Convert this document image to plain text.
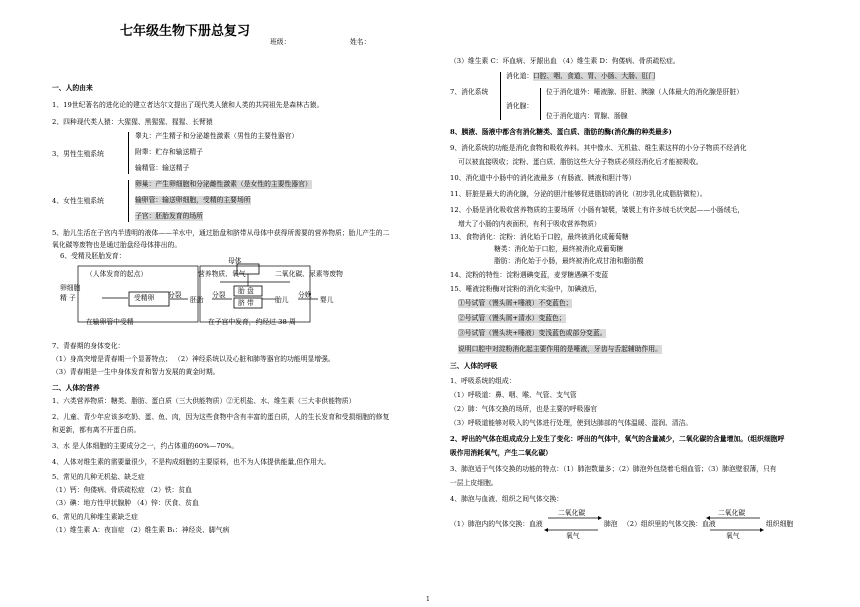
七年级生物下册总复习
班级：	姓名：
一、人的由来
1、19世纪著名的进化论的建立者达尔文提出了现代类人猿和人类的共同祖先是森林古猿。
2、四种现代类人猿：大猩猩、黑猩猩、猩猩、长臂猿
3、男性生殖系统
睾丸：产生精子和分泌雄性激素（男性的主要性器官）
附睾：贮存和输送精子
输精管：输送精子
4、女性生殖系统
卵巢：产生卵细胞和分泌雌性激素（是女性的主要性器官）
输卵管：输送卵细胞，受精的主要场所
子宫：胚胎发育的场所
5、胎儿生活在子宫内半透明的液体——羊水中，通过胎盘和脐带从母体中获得所需要的营养物质；胎儿产生的二
氧化碳等废物也是通过胎盘经母体排出的。
6、受精及胚胎发育：
母体
营养物质、氧气	二氧化碳、尿素等废物
（人体发育的起点）
卵细胞
精 子	受精卵 分裂
胚胎
胎 盘
脐 带
分裂
胎儿
分娩
婴儿
在输卵管中受精	在子宫中发育，约经过 38 周
7、青春期的身体变化：
（1）身高突增是青春期一个显著特点； （2）神经系统以及心脏和肺等器官的功能明显增强。
（3）青春期是一生中身体发育和智力发展的黄金时期。
二、人体的营养
1、六类营养物质：糖类、脂肪、蛋白质（三大供能物质）②无机盐、水、维生素（三大非供能物质）
2、儿童、青少年应该多吃奶、蛋、鱼、肉，因为这些食物中含有丰富的蛋白质，人的生长发育和受损细胞的修复
和更新，都有离不开蛋白质。
3、水 是人体细胞的主要成分之一，约占体重的60%—70%。
4、人体对维生素的需要量很少，不是构成细胞的主要原料，也不为人体提供能量,但作用大。
5、常见的几种无机盐、缺乏症
（1）钙：佝偻病、骨质疏松症 （2）铁：贫血
（3）碘：地方性甲状腺肿 （4）锌：厌食、贫血
6、常见的几种维生素缺乏症
（1）维生素 A：夜盲症 （2）维生素 B₁：神经炎、脚气病
（3）维生素 C：坏血病、牙龈出血 （4）维生素 D：佝偻病、骨质疏松症。
7、消化系统
消化道： 口腔、咽、食道、胃、小肠、大肠、肛门
消化腺：
位于消化道外：唾液腺、肝脏、胰腺（人体最大的消化腺是肝脏）
位于消化道内：胃腺、肠腺
8、胰液、肠液中都含有消化糖类、蛋白质、脂肪的酶(消化酶的种类最多)
9、消化系统的功能是消化食物和吸收养料。其中像水、无机盐、维生素这样的小分子物质不经消化
可以被直接吸收；淀粉、蛋白质、脂肪这些大分子物质必须经消化后才能被吸收。
10、消化道中小肠中的消化液最多（有肠液、胰液和胆汁等）
11、肝脏是最大的消化腺，分泌的胆汁能够促进脂肪的消化（初步乳化成脂肪微粒）。
12、小肠是消化吸收营养物质的主要场所（小肠有皱襞，皱襞上有许多绒毛状突起——小肠绒毛，
增大了小肠的内表面积，有利于吸收营养物质）
13、食物消化：淀粉：消化始于口腔，最终被消化成葡萄糖
糖类：消化始于口腔，最终被消化成葡萄糖
脂肪：消化始于小肠，最终被消化成甘油和脂肪酸
14、淀粉的特性：淀粉遇碘变蓝，麦芽糖遇碘不变蓝
15、唾液淀粉酶对淀粉的消化实验中，加碘液后，
①号试管（馒头屑+唾液）不变蓝色；
②号试管（馒头屑+清水）变蓝色；
③号试管（馒头块+唾液）变浅蓝色或部分变蓝。
说明口腔中对淀粉消化起主要作用的是唾液，牙齿与舌起辅助作用。
三、人体的呼吸
1、呼吸系统的组成：
（1）呼吸道：鼻、咽、喉、气管、支气管
（2）肺：气体交换的场所，也是主要的呼吸器官
（3）呼吸道能够对吸入的气体进行处理，使到达肺部的气体温暖、湿润、清洁。
2、呼出的气体在组成成分上发生了变化：呼出的气体中，氧气的含量减少，二氧化碳的含量增加。（组织细胞呼
吸作用消耗氧气，产生二氧化碳）
3、肺泡适于气体交换的功能的特点：（1）肺泡数量多；（2）肺泡外包绕着毛细血管；（3）肺泡壁很薄，只有
一层上皮细胞。
4、肺泡与血液、组织之间气体交换：
二氧化碳
（1）肺泡内的气体交换：血液	肺泡
氧气
（2）组织里的气体交换：血液
二氧化碳
组织细胞
氧气
1
